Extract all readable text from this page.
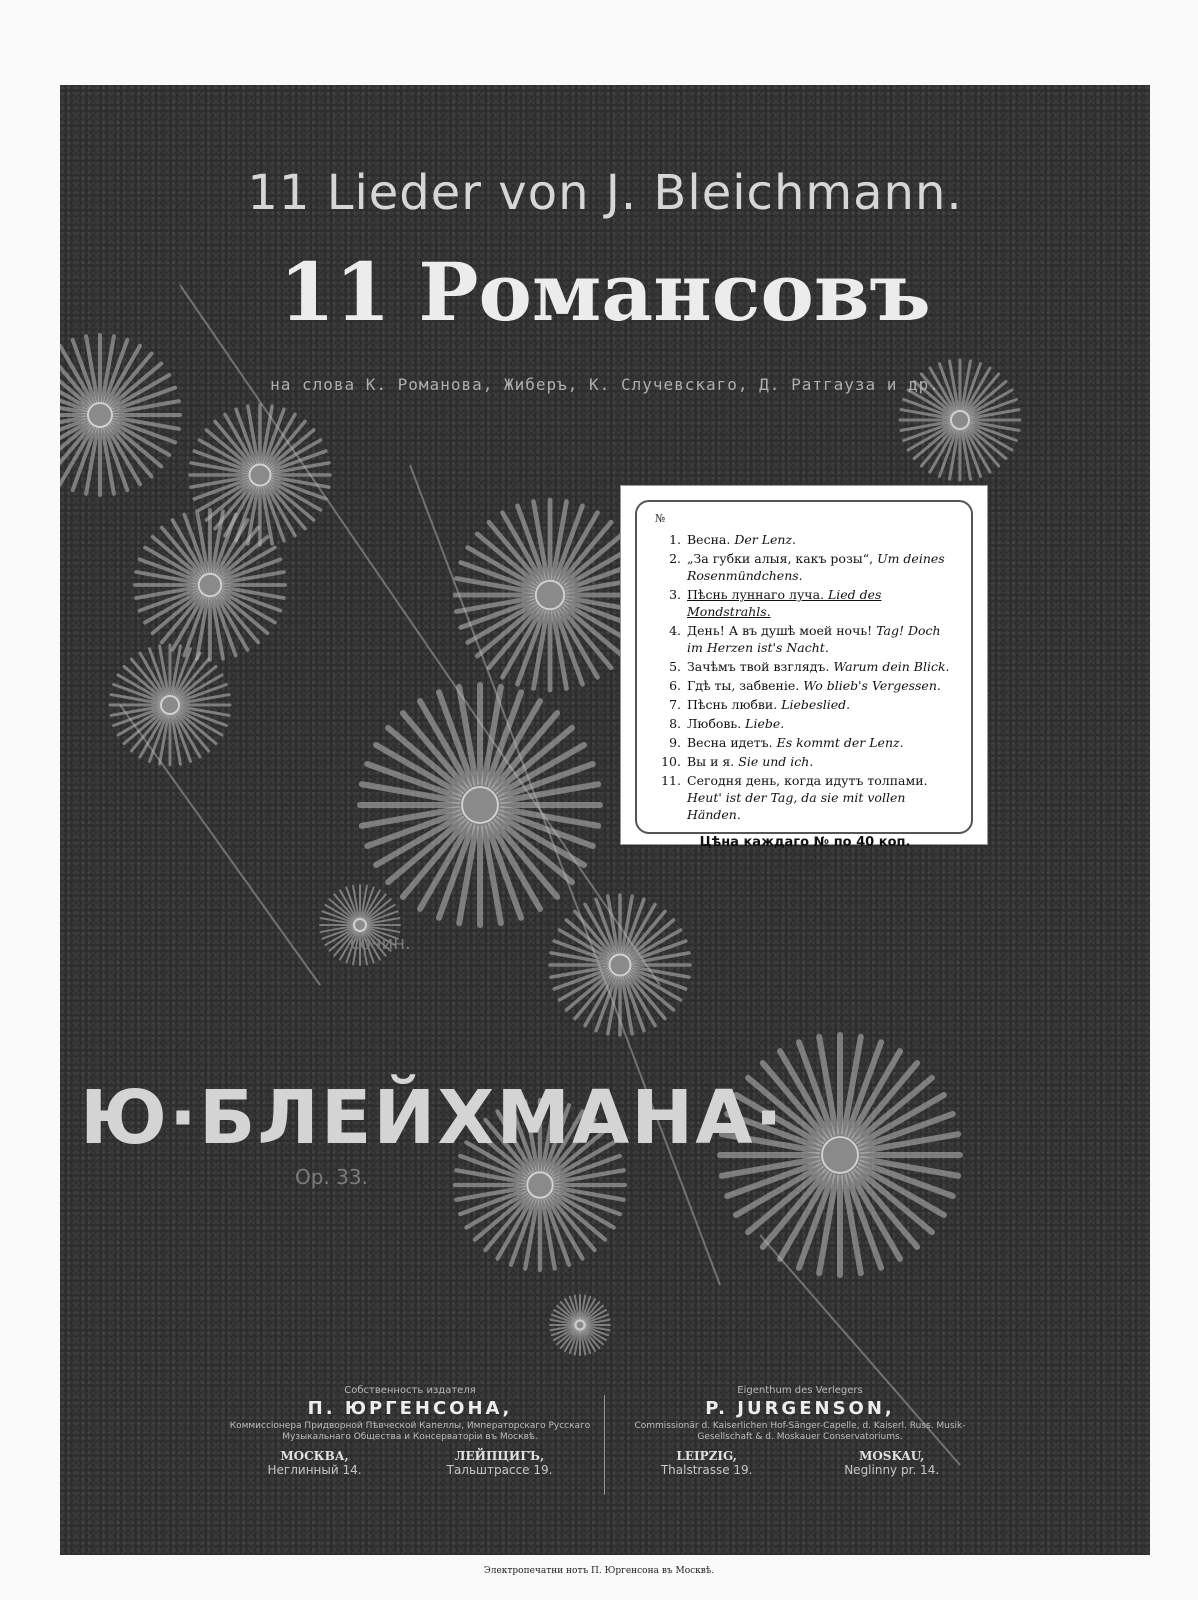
11 Lieder von J. Bleichmann.
11 Романсовъ
на слова К. Романова, Жиберъ, К. Случевскаго, Д. Ратгауза и др.
сочин.
Ю·БЛЕЙХМАНА·
Ор. 33.
№
1. Весна. Der Lenz.
2. „За губки алыя, какъ розы“, Um deines Rosenmündchens.
3. Пѣснь луннаго луча. Lied des Mondstrahls.
4. День! А въ душѣ моей ночь! Tag! Doch im Herzen ist's Nacht.
5. Зачѣмъ твой взглядъ. Warum dein Blick.
6. Гдѣ ты, забвеніе. Wo blieb's Vergessen.
7. Пѣснь любви. Liebeslied.
8. Любовь. Liebe.
9. Весна идетъ. Es kommt der Lenz.
10. Вы и я. Sie und ich.
11. Сегодня день, когда идутъ толпами. Heut' ist der Tag, da sie mit vollen Händen.
Цѣна каждаго № по 40 коп.
№ 28842.
Собственность издателя
П. ЮРГЕНСОНА,
Коммиссіонера Придворной Пѣвческой Капеллы, Императорскаго Русскаго Музыкальнаго Общества и Консерваторіи въ Москвѣ.
МОСКВА,
Неглинный 14.
ЛЕЙПЦИГЪ,
Тальштрассе 19.
Eigenthum des Verlegers
P. JURGENSON,
Commissionär d. Kaiserlichen Hof-Sänger-Capelle, d. Kaiserl. Russ. Musik-Gesellschaft & d. Moskauer Conservatoriums.
LEIPZIG,
Thalstrasse 19.
MOSKAU,
Neglinny pr. 14.
Электропечатни нотъ П. Юргенсона въ Москвѣ.
